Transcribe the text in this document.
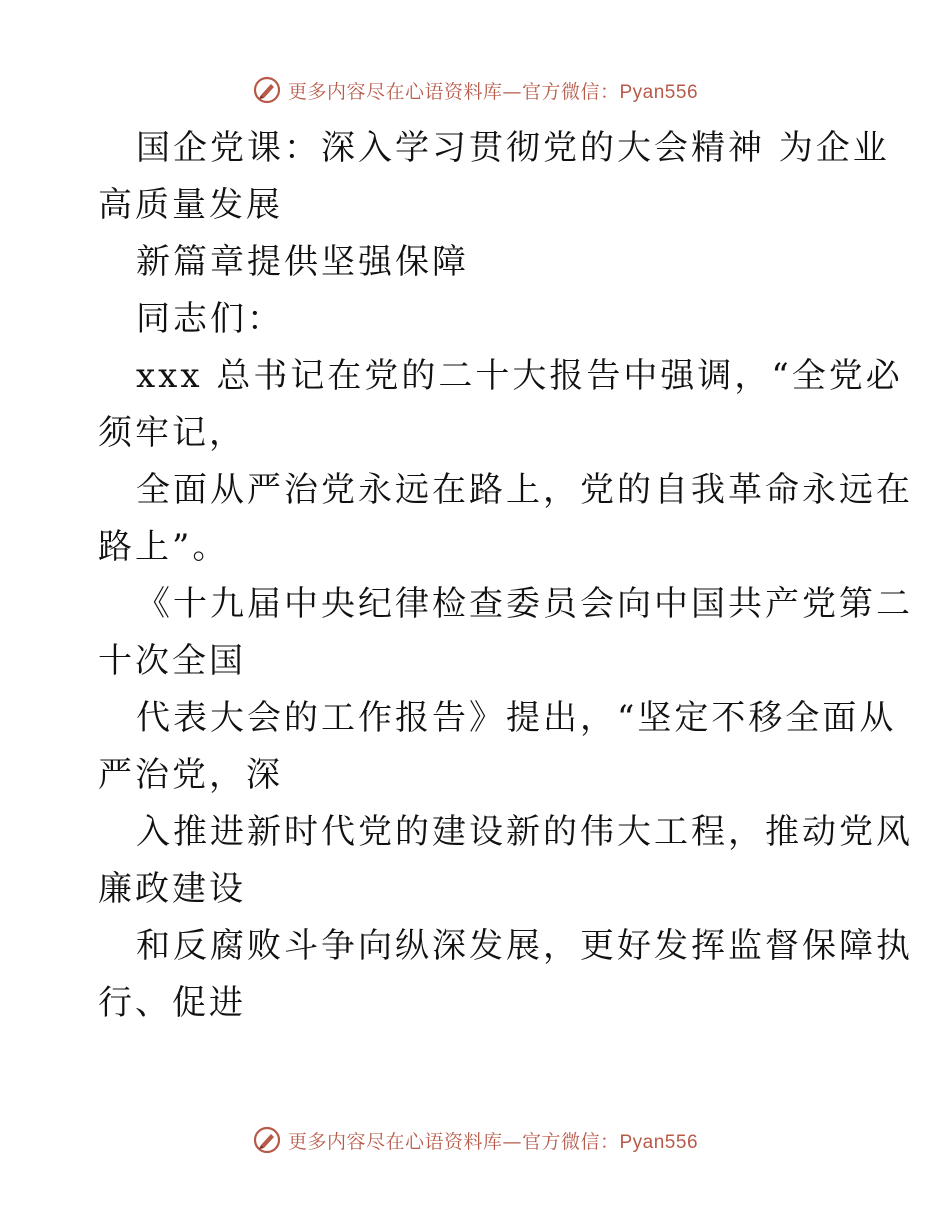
更多内容尽在心语资料库—官方微信：Pyan556
国企党课：深入学习贯彻党的大会精神 为企业
高质量发展
新篇章提供坚强保障
同志们：
xxx 总书记在党的二十大报告中强调，“全党必
须牢记，
全面从严治党永远在路上，党的自我革命永远在
路上”。
《十九届中央纪律检查委员会向中国共产党第二
十次全国
代表大会的工作报告》提出，“坚定不移全面从
严治党，深
入推进新时代党的建设新的伟大工程，推动党风
廉政建设
和反腐败斗争向纵深发展，更好发挥监督保障执
行、促进
更多内容尽在心语资料库—官方微信：Pyan556
